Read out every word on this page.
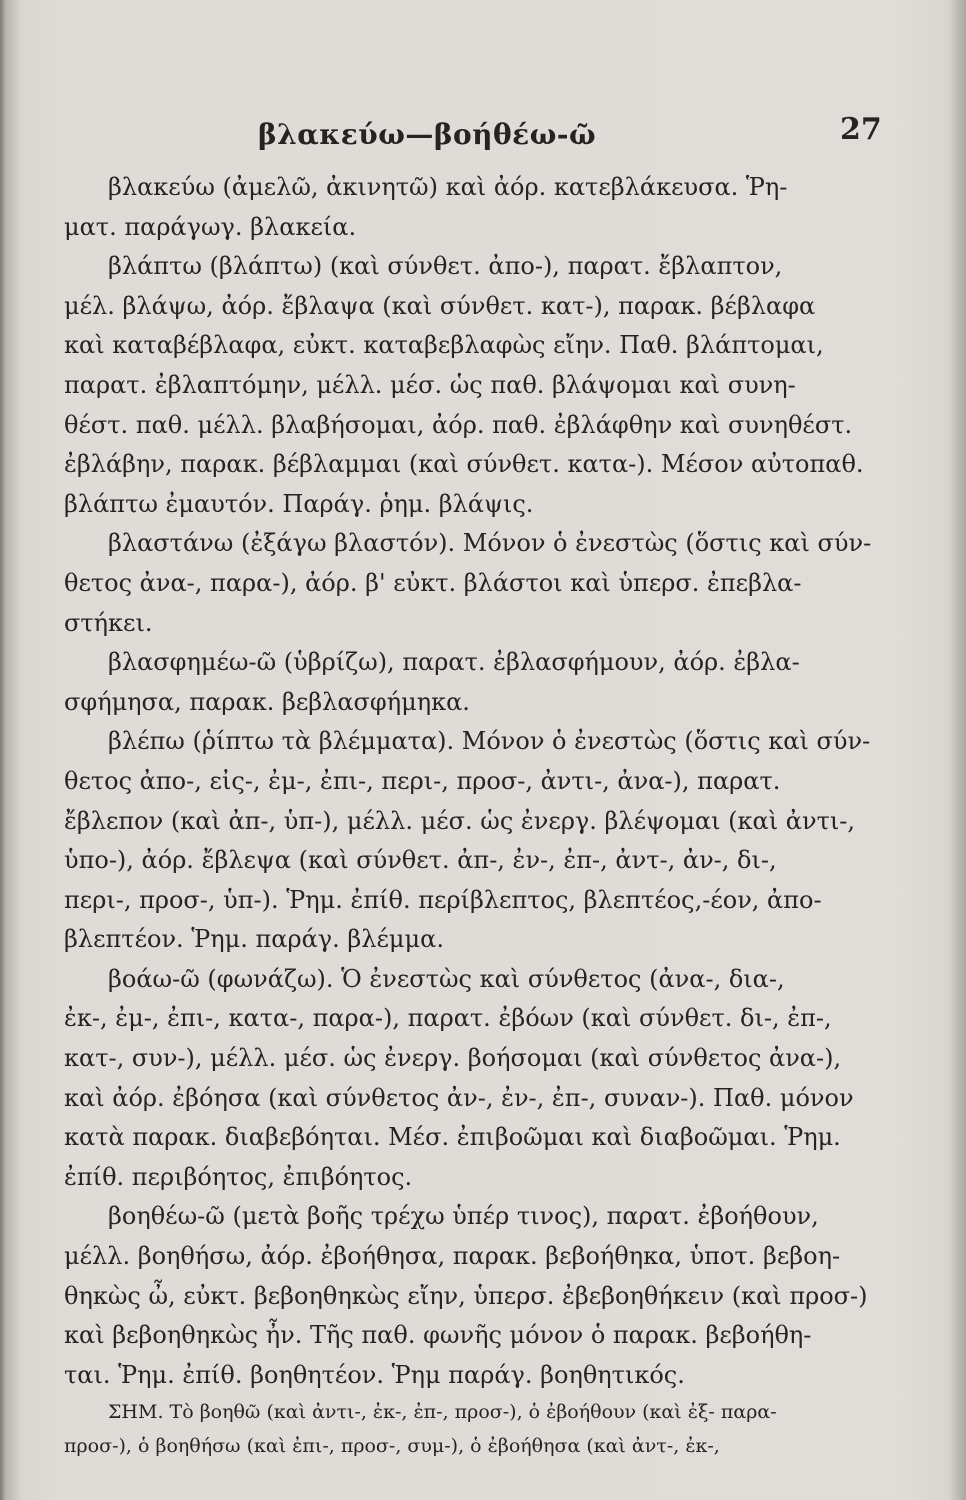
βλακεύω—βοήθέω-ῶ	27
βλακεύω (ἀμελῶ, ἀκινητῶ) καὶ ἀόρ. κατεβλάκευσα. Ῥη-
ματ. παράγωγ. βλακεία.
βλάπτω (βλάπτω) (καὶ σύνθετ. ἀπο-), παρατ. ἔβλαπτον,
μέλ. βλάψω, ἀόρ. ἔβλαψα (καὶ σύνθετ. κατ-), παρακ. βέβλαφα
καὶ καταβέβλαφα, εὐκτ. καταβεβλαφὼς εἴην. Παθ. βλάπτομαι,
παρατ. ἐβλαπτόμην, μέλλ. μέσ. ὡς παθ. βλάψομαι καὶ συνη-
θέστ. παθ. μέλλ. βλαβήσομαι, ἀόρ. παθ. ἐβλάφθην καὶ συνηθέστ.
ἐβλάβην, παρακ. βέβλαμμαι (καὶ σύνθετ. κατα-). Μέσον αὐτοπαθ.
βλάπτω ἐμαυτόν. Παράγ. ῥημ. βλάψις.
βλαστάνω (ἐξάγω βλαστόν). Μόνον ὁ ἐνεστὼς (ὅστις καὶ σύν-
θετος ἀνα-, παρα-), ἀόρ. β' εὐκτ. βλάστοι καὶ ὑπερσ. ἐπεβλα-
στήκει.
βλασφημέω-ῶ (ὑβρίζω), παρατ. ἐβλασφήμουν, ἀόρ. ἐβλα-
σφήμησα, παρακ. βεβλασφήμηκα.
βλέπω (ῥίπτω τὰ βλέμματα). Μόνον ὁ ἐνεστὼς (ὅστις καὶ σύν-
θετος ἀπο-, εἰς-, ἐμ-, ἐπι-, περι-, προσ-, ἀντι-, ἀνα-), παρατ.
ἔβλεπον (καὶ ἀπ-, ὑπ-), μέλλ. μέσ. ὡς ἐνεργ. βλέψομαι (καὶ ἀντι-,
ὑπο-), ἀόρ. ἔβλεψα (καὶ σύνθετ. ἀπ-, ἐν-, ἐπ-, ἀντ-, ἀν-, δι-,
περι-, προσ-, ὑπ-). Ῥημ. ἐπίθ. περίβλεπτος, βλεπτέος,-έον, ἀπο-
βλεπτέον. Ῥημ. παράγ. βλέμμα.
βοάω-ῶ (φωνάζω). Ὁ ἐνεστὼς καὶ σύνθετος (ἀνα-, δια-,
ἐκ-, ἐμ-, ἐπι-, κατα-, παρα-), παρατ. ἐβόων (καὶ σύνθετ. δι-, ἐπ-,
κατ-, συν-), μέλλ. μέσ. ὡς ἐνεργ. βοήσομαι (καὶ σύνθετος ἀνα-),
καὶ ἀόρ. ἐβόησα (καὶ σύνθετος ἀν-, ἐν-, ἐπ-, συναν-). Παθ. μόνον
κατὰ παρακ. διαβεβόηται. Μέσ. ἐπιβοῶμαι καὶ διαβοῶμαι. Ῥημ.
ἐπίθ. περιβόητος, ἐπιβόητος.
βοηθέω-ῶ (μετὰ βοῆς τρέχω ὑπέρ τινος), παρατ. ἐβοήθουν,
μέλλ. βοηθήσω, ἀόρ. ἐβοήθησα, παρακ. βεβοήθηκα, ὑποτ. βεβοη-
θηκὼς ὦ, εὐκτ. βεβοηθηκὼς εἴην, ὑπερσ. ἐβεβοηθήκειν (καὶ προσ-)
καὶ βεβοηθηκὼς ἦν. Τῆς παθ. φωνῆς μόνον ὁ παρακ. βεβοήθη-
ται. Ῥημ. ἐπίθ. βοηθητέον. Ῥημ παράγ. βοηθητικός.
ΣΗΜ. Τὸ βοηθῶ (καὶ ἀντι-, ἐκ-, ἐπ-, προσ-), ὁ ἐβοήθουν (καὶ ἐξ- παρα-
προσ-), ὁ βοηθήσω (καὶ ἐπι-, προσ-, συμ-), ὁ ἐβοήθησα (καὶ ἀντ-, ἐκ-,
